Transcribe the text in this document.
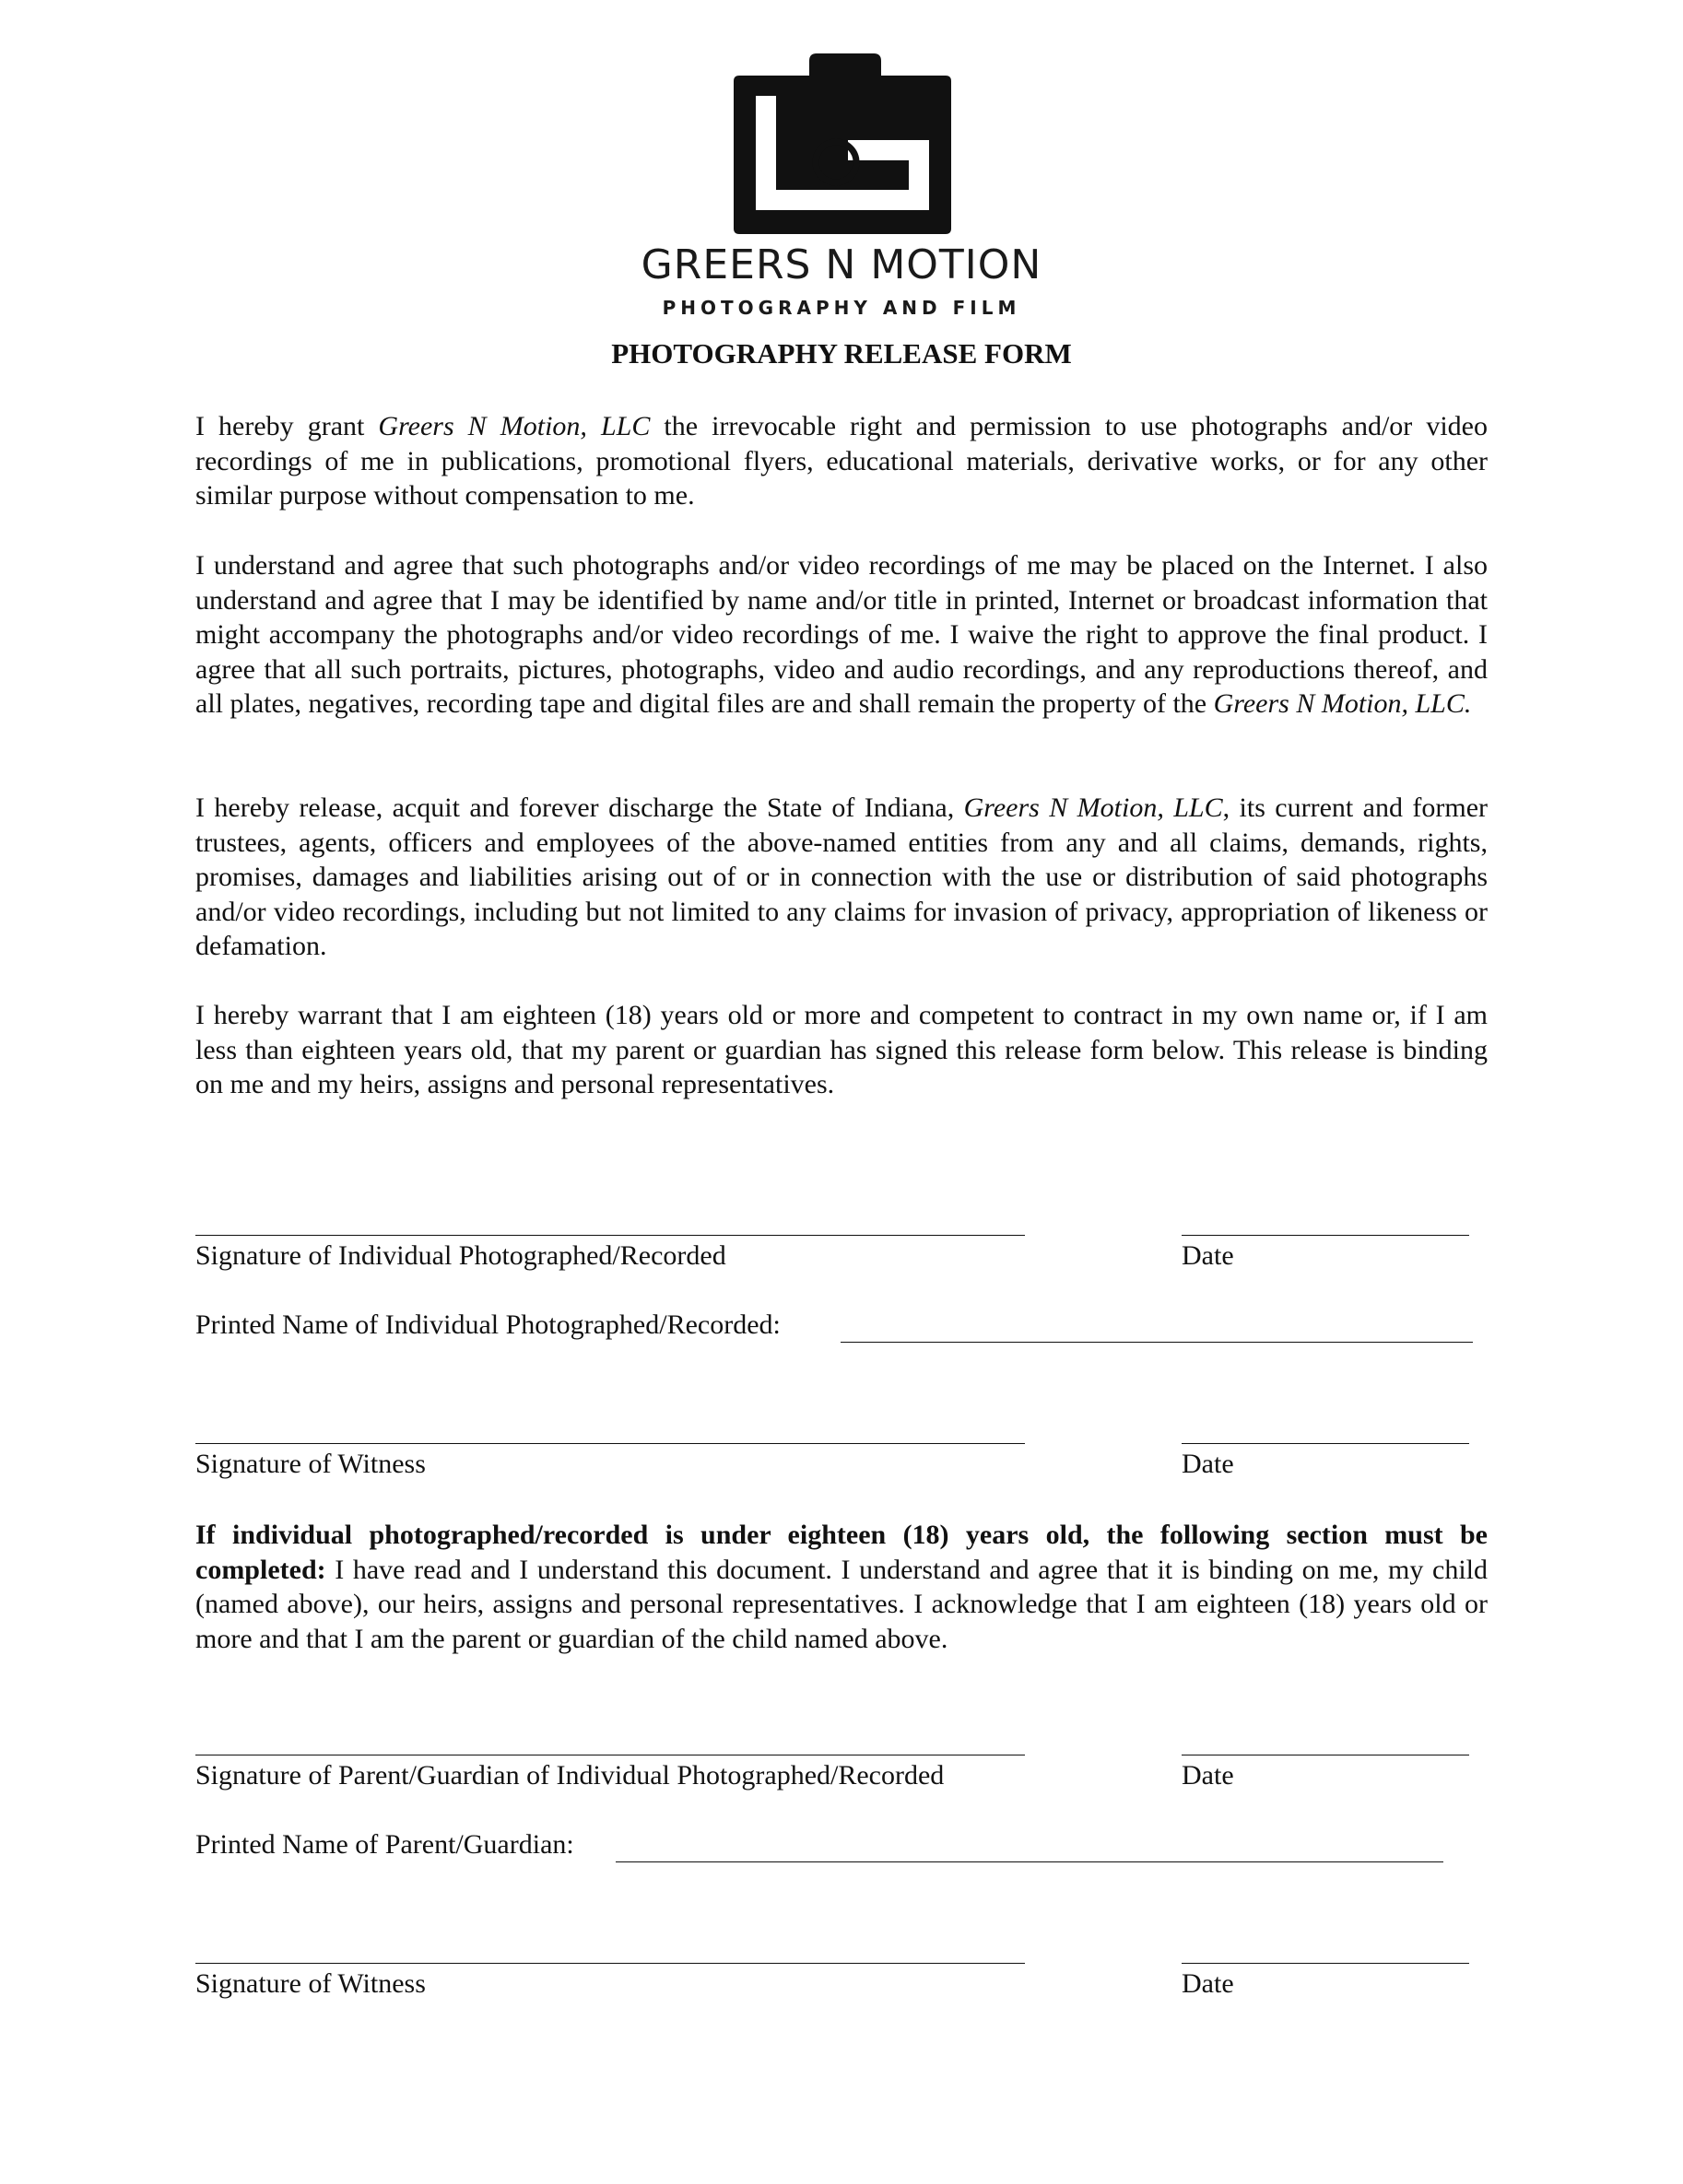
GREERS N MOTION
PHOTOGRAPHY AND FILM
PHOTOGRAPHY RELEASE FORM
I hereby grant Greers N Motion, LLC the irrevocable right and permission to use photographs and/or video recordings of me in publications, promotional flyers, educational materials, derivative works, or for any other similar purpose without compensation to me.
I understand and agree that such photographs and/or video recordings of me may be placed on the Internet. I also understand and agree that I may be identified by name and/or title in printed, Internet or broadcast information that might accompany the photographs and/or video recordings of me. I waive the right to approve the final product. I agree that all such portraits, pictures, photographs, video and audio recordings, and any reproductions thereof, and all plates, negatives, recording tape and digital files are and shall remain the property of the Greers N Motion, LLC.
I hereby release, acquit and forever discharge the State of Indiana, Greers N Motion, LLC, its current and former trustees, agents, officers and employees of the above-named entities from any and all claims, demands, rights, promises, damages and liabilities arising out of or in connection with the use or distribution of said photographs and/or video recordings, including but not limited to any claims for invasion of privacy, appropriation of likeness or defamation.
I hereby warrant that I am eighteen (18) years old or more and competent to contract in my own name or, if I am less than eighteen years old, that my parent or guardian has signed this release form below. This release is binding on me and my heirs, assigns and personal representatives.
Signature of Individual Photographed/Recorded	Date
Printed Name of Individual Photographed/Recorded:
Signature of Witness	Date
If individual photographed/recorded is under eighteen (18) years old, the following section must be completed: I have read and I understand this document. I understand and agree that it is binding on me, my child (named above), our heirs, assigns and personal representatives. I acknowledge that I am eighteen (18) years old or more and that I am the parent or guardian of the child named above.
Signature of Parent/Guardian of Individual Photographed/Recorded	Date
Printed Name of Parent/Guardian:
Signature of Witness	Date
